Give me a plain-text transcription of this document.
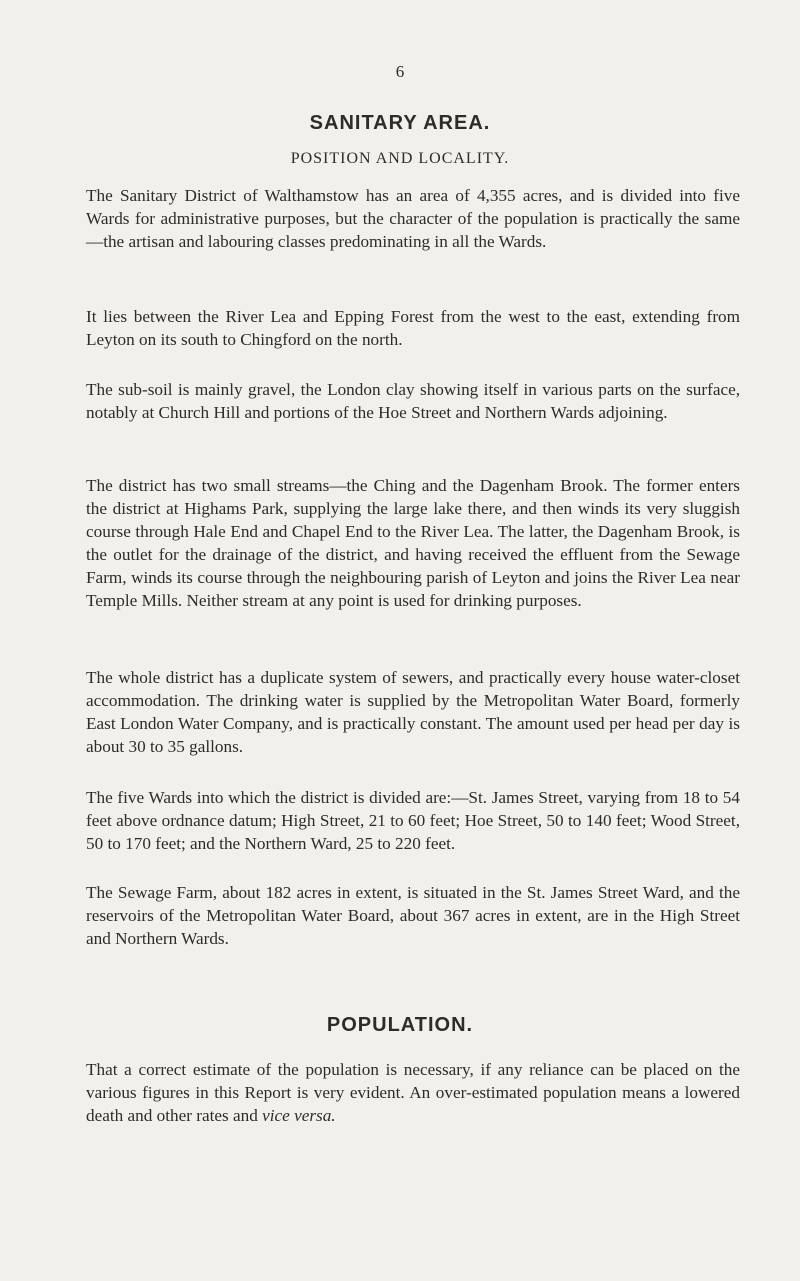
6
SANITARY AREA.
POSITION AND LOCALITY.

The Sanitary District of Walthamstow has an area of 4,355 acres, and is divided into five Wards for administrative purposes, but the character of the population is practically the same—the artisan and labouring classes predominating in all the Wards.

It lies between the River Lea and Epping Forest from the west to the east, extending from Leyton on its south to Chingford on the north.

The sub-soil is mainly gravel, the London clay showing itself in various parts on the surface, notably at Church Hill and portions of the Hoe Street and Northern Wards adjoining.

The district has two small streams—the Ching and the Dagenham Brook. The former enters the district at Highams Park, supplying the large lake there, and then winds its very sluggish course through Hale End and Chapel End to the River Lea. The latter, the Dagenham Brook, is the outlet for the drainage of the district, and having received the effluent from the Sewage Farm, winds its course through the neighbouring parish of Leyton and joins the River Lea near Temple Mills. Neither stream at any point is used for drinking purposes.

The whole district has a duplicate system of sewers, and practically every house water-closet accommodation. The drinking water is supplied by the Metropolitan Water Board, formerly East London Water Company, and is practically constant. The amount used per head per day is about 30 to 35 gallons.

The five Wards into which the district is divided are:—St. James Street, varying from 18 to 54 feet above ordnance datum; High Street, 21 to 60 feet; Hoe Street, 50 to 140 feet; Wood Street, 50 to 170 feet; and the Northern Ward, 25 to 220 feet.

The Sewage Farm, about 182 acres in extent, is situated in the St. James Street Ward, and the reservoirs of the Metropolitan Water Board, about 367 acres in extent, are in the High Street and Northern Wards.

POPULATION.

That a correct estimate of the population is necessary, if any reliance can be placed on the various figures in this Report is very evident. An over-estimated population means a lowered death and other rates and vice versa.
